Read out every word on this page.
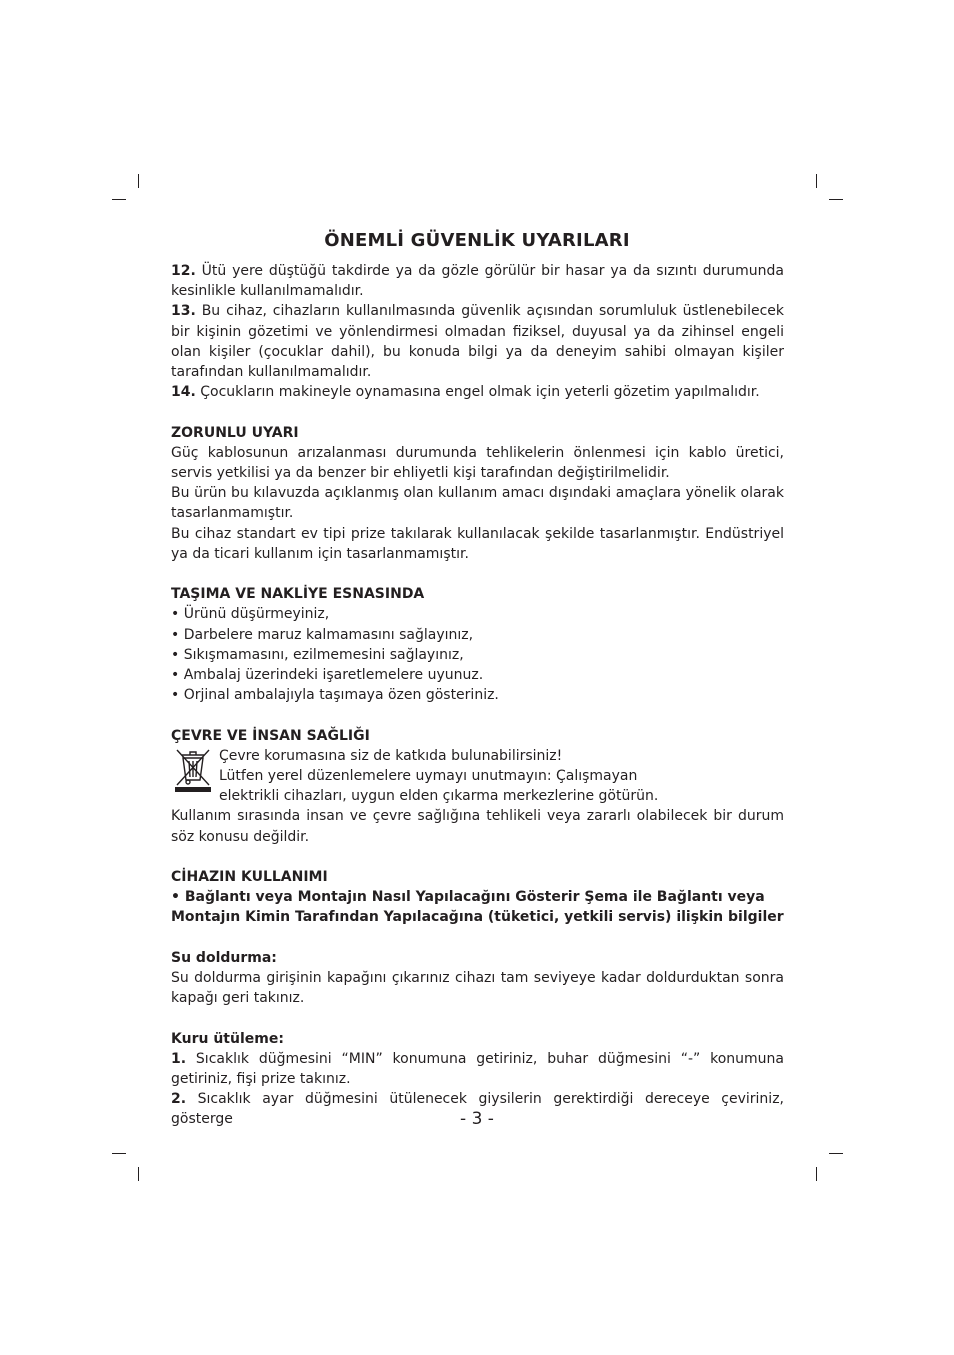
ÖNEMLİ GÜVENLİK UYARILARI

12. Ütü yere düştüğü takdirde ya da gözle görülür bir hasar ya da sızıntı durumunda kesinlikle kullanılmamalıdır.

13. Bu cihaz, cihazların kullanılmasında güvenlik açısından sorumluluk üstlenebilecek bir kişinin gözetimi ve yönlendirmesi olmadan fiziksel, duyusal ya da zihinsel engeli olan kişiler (çocuklar dahil), bu konuda bilgi ya da deneyim sahibi olmayan kişiler tarafından kullanılmamalıdır.

14. Çocukların makineyle oynamasına engel olmak için yeterli gözetim yapılmalıdır.

ZORUNLU UYARI

Güç kablosunun arızalanması durumunda tehlikelerin önlenmesi için kablo üretici, servis yetkilisi ya da benzer bir ehliyetli kişi tarafından değiştirilmelidir.

Bu ürün bu kılavuzda açıklanmış olan kullanım amacı dışındaki amaçlara yönelik olarak tasarlanmamıştır.

Bu cihaz standart ev tipi prize takılarak kullanılacak şekilde tasarlanmıştır. Endüstriyel ya da ticari kullanım için tasarlanmamıştır.

TAŞIMA VE NAKLİYE ESNASINDA

• Ürünü düşürmeyiniz,

• Darbelere maruz kalmamasını sağlayınız,

• Sıkışmamasını, ezilmemesini sağlayınız,

• Ambalaj üzerindeki işaretlemelere uyunuz.

• Orjinal ambalajıyla taşımaya özen gösteriniz.

ÇEVRE VE İNSAN SAĞLIĞI

Çevre korumasına siz de katkıda bulunabilirsiniz!

Lütfen yerel düzenlemelere uymayı unutmayın: Çalışmayan

elektrikli cihazları, uygun elden çıkarma merkezlerine götürün.

Kullanım sırasında insan ve çevre sağlığına tehlikeli veya zararlı olabilecek bir durum söz konusu değildir.

CİHAZIN KULLANIMI

• Bağlantı veya Montajın Nasıl Yapılacağını Gösterir Şema ile Bağlantı veya Montajın Kimin Tarafından Yapılacağına (tüketici, yetkili servis) ilişkin bilgiler

Su doldurma:

Su doldurma girişinin kapağını çıkarınız cihazı tam seviyeye kadar doldurduktan sonra kapağı geri takınız.

Kuru ütüleme:

1. Sıcaklık düğmesini “MIN” konumuna getiriniz, buhar düğmesini “-” konumuna getiriniz, fişi prize takınız.

2. Sıcaklık ayar düğmesini ütülenecek giysilerin gerektirdiği dereceye çeviriniz, gösterge	- 3 -
